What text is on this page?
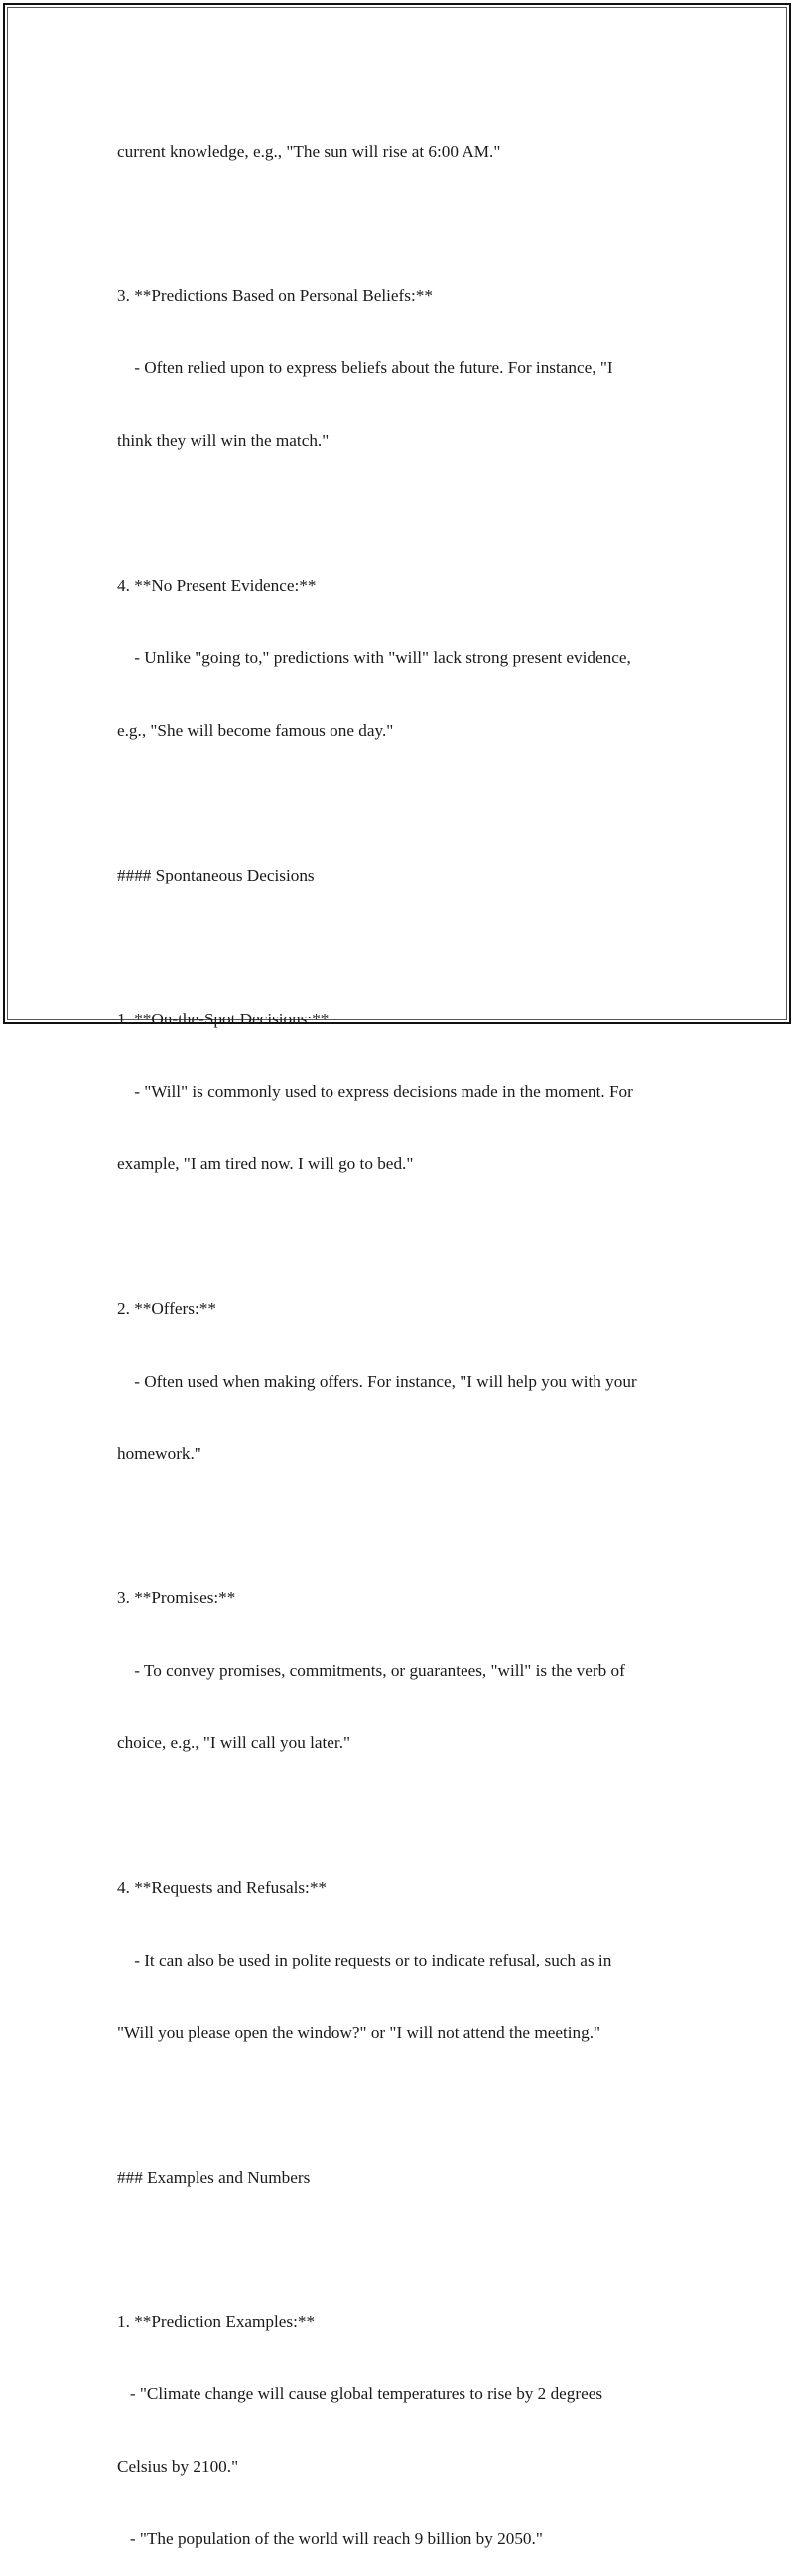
current knowledge, e.g., "The sun will rise at 6:00 AM."

3. **Predictions Based on Personal Beliefs:**

- Often relied upon to express beliefs about the future. For instance, "I

think they will win the match."

4. **No Present Evidence:**

- Unlike "going to," predictions with "will" lack strong present evidence,

e.g., "She will become famous one day."

#### Spontaneous Decisions

1. **On-the-Spot Decisions:**

- "Will" is commonly used to express decisions made in the moment. For

example, "I am tired now. I will go to bed."

2. **Offers:**

- Often used when making offers. For instance, "I will help you with your

homework."

3. **Promises:**

- To convey promises, commitments, or guarantees, "will" is the verb of

choice, e.g., "I will call you later."

4. **Requests and Refusals:**

- It can also be used in polite requests or to indicate refusal, such as in

"Will you please open the window?" or "I will not attend the meeting."

### Examples and Numbers

1. **Prediction Examples:**

- "Climate change will cause global temperatures to rise by 2 degrees

Celsius by 2100."

- "The population of the world will reach 9 billion by 2050."
